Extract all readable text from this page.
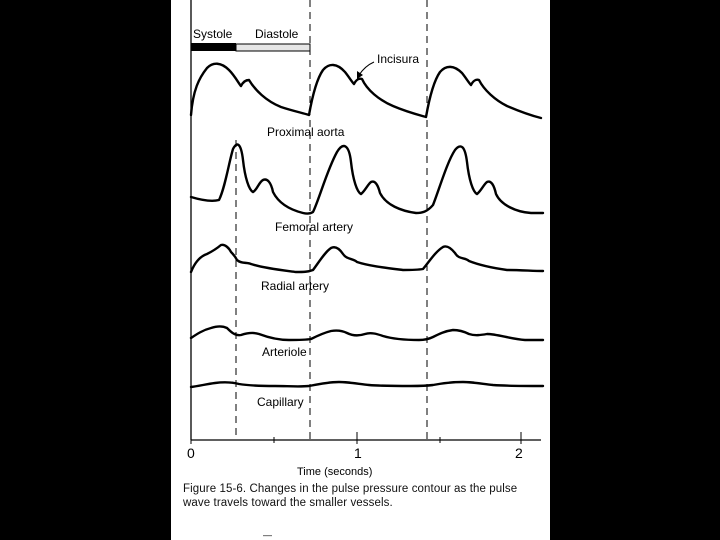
Systole Diastole
Incisura
Proximal aorta
Femoral artery
Radial artery
Arteriole
Capillary
0	1	2
Time (seconds)
—
Figure 15-6. Changes in the pulse pressure contour as the pulse wave travels toward the smaller vessels.
